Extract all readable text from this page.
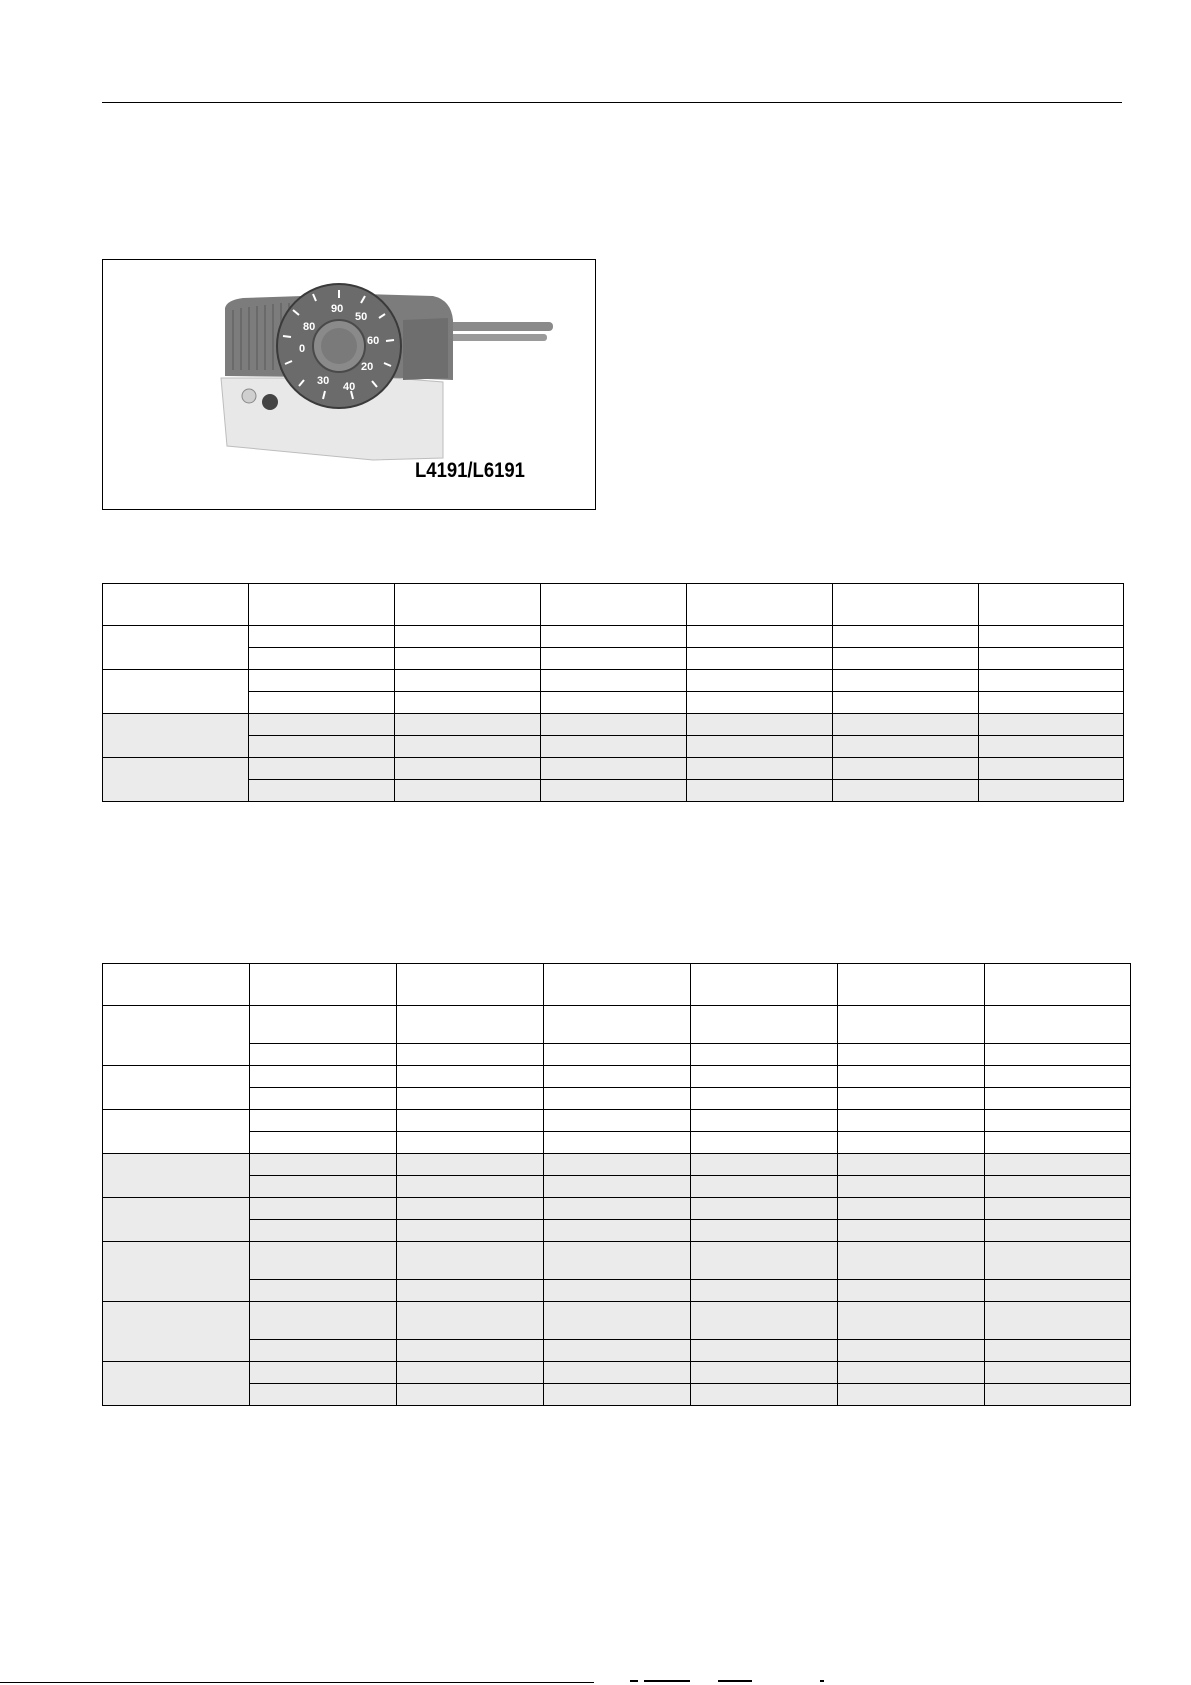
80
90
50
60
20
40
30
0
L4191/L6191
